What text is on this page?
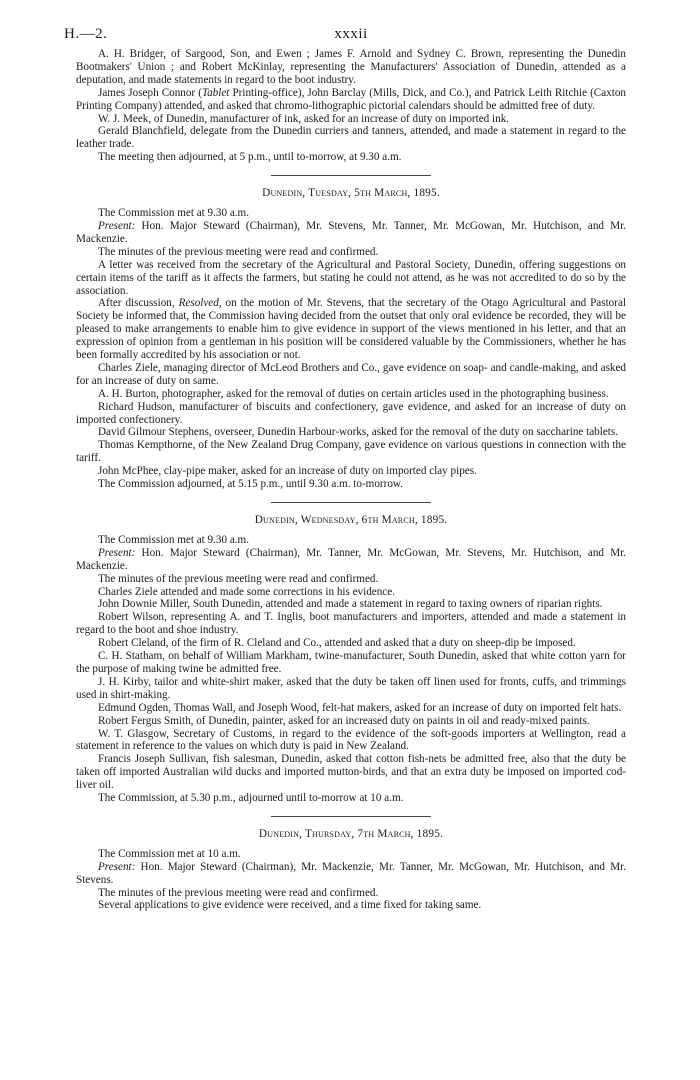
H.—2.	xxxii

A. H. Bridger, of Sargood, Son, and Ewen ; James F. Arnold and Sydney C. Brown, representing the Dunedin Bootmakers' Union ; and Robert McKinlay, representing the Manufacturers' Association of Dunedin, attended as a deputation, and made statements in regard to the boot industry.

James Joseph Connor (Tablet Printing-office), John Barclay (Mills, Dick, and Co.), and Patrick Leith Ritchie (Caxton Printing Company) attended, and asked that chromo-lithographic pictorial calendars should be admitted free of duty.

W. J. Meek, of Dunedin, manufacturer of ink, asked for an increase of duty on imported ink.

Gerald Blanchfield, delegate from the Dunedin curriers and tanners, attended, and made a statement in regard to the leather trade.

The meeting then adjourned, at 5 p.m., until to-morrow, at 9.30 a.m.

Dunedin, Tuesday, 5th March, 1895.

The Commission met at 9.30 a.m.

Present: Hon. Major Steward (Chairman), Mr. Stevens, Mr. Tanner, Mr. McGowan, Mr. Hutchison, and Mr. Mackenzie.

The minutes of the previous meeting were read and confirmed.

A letter was received from the secretary of the Agricultural and Pastoral Society, Dunedin, offering suggestions on certain items of the tariff as it affects the farmers, but stating he could not attend, as he was not accredited to do so by the association.

After discussion, Resolved, on the motion of Mr. Stevens, that the secretary of the Otago Agricultural and Pastoral Society be informed that, the Commission having decided from the outset that only oral evidence be recorded, they will be pleased to make arrangements to enable him to give evidence in support of the views mentioned in his letter, and that an expression of opinion from a gentleman in his position will be considered valuable by the Commissioners, whether he has been formally accredited by his association or not.

Charles Ziele, managing director of McLeod Brothers and Co., gave evidence on soap- and candle-making, and asked for an increase of duty on same.

A. H. Burton, photographer, asked for the removal of duties on certain articles used in the photographing business.

Richard Hudson, manufacturer of biscuits and confectionery, gave evidence, and asked for an increase of duty on imported confectionery.

David Gilmour Stephens, overseer, Dunedin Harbour-works, asked for the removal of the duty on saccharine tablets.

Thomas Kempthorne, of the New Zealand Drug Company, gave evidence on various questions in connection with the tariff.

John McPhee, clay-pipe maker, asked for an increase of duty on imported clay pipes.

The Commission adjourned, at 5.15 p.m., until 9.30 a.m. to-morrow.

Dunedin, Wednesday, 6th March, 1895.

The Commission met at 9.30 a.m.

Present: Hon. Major Steward (Chairman), Mr. Tanner, Mr. McGowan, Mr. Stevens, Mr. Hutchison, and Mr. Mackenzie.

The minutes of the previous meeting were read and confirmed.

Charles Ziele attended and made some corrections in his evidence.

John Downie Miller, South Dunedin, attended and made a statement in regard to taxing owners of riparian rights.

Robert Wilson, representing A. and T. Inglis, boot manufacturers and importers, attended and made a statement in regard to the boot and shoe industry.

Robert Cleland, of the firm of R. Cleland and Co., attended and asked that a duty on sheep-dip be imposed.

C. H. Statham, on behalf of William Markham, twine-manufacturer, South Dunedin, asked that white cotton yarn for the purpose of making twine be admitted free.

J. H. Kirby, tailor and white-shirt maker, asked that the duty be taken off linen used for fronts, cuffs, and trimmings used in shirt-making.

Edmund Ogden, Thomas Wall, and Joseph Wood, felt-hat makers, asked for an increase of duty on imported felt hats.

Robert Fergus Smith, of Dunedin, painter, asked for an increased duty on paints in oil and ready-mixed paints.

W. T. Glasgow, Secretary of Customs, in regard to the evidence of the soft-goods importers at Wellington, read a statement in reference to the values on which duty is paid in New Zealand.

Francis Joseph Sullivan, fish salesman, Dunedin, asked that cotton fish-nets be admitted free, also that the duty be taken off imported Australian wild ducks and imported mutton-birds, and that an extra duty be imposed on imported cod-liver oil.

The Commission, at 5.30 p.m., adjourned until to-morrow at 10 a.m.

Dunedin, Thursday, 7th March, 1895.

The Commission met at 10 a.m.

Present: Hon. Major Steward (Chairman), Mr. Mackenzie, Mr. Tanner, Mr. McGowan, Mr. Hutchison, and Mr. Stevens.

The minutes of the previous meeting were read and confirmed.

Several applications to give evidence were received, and a time fixed for taking same.
